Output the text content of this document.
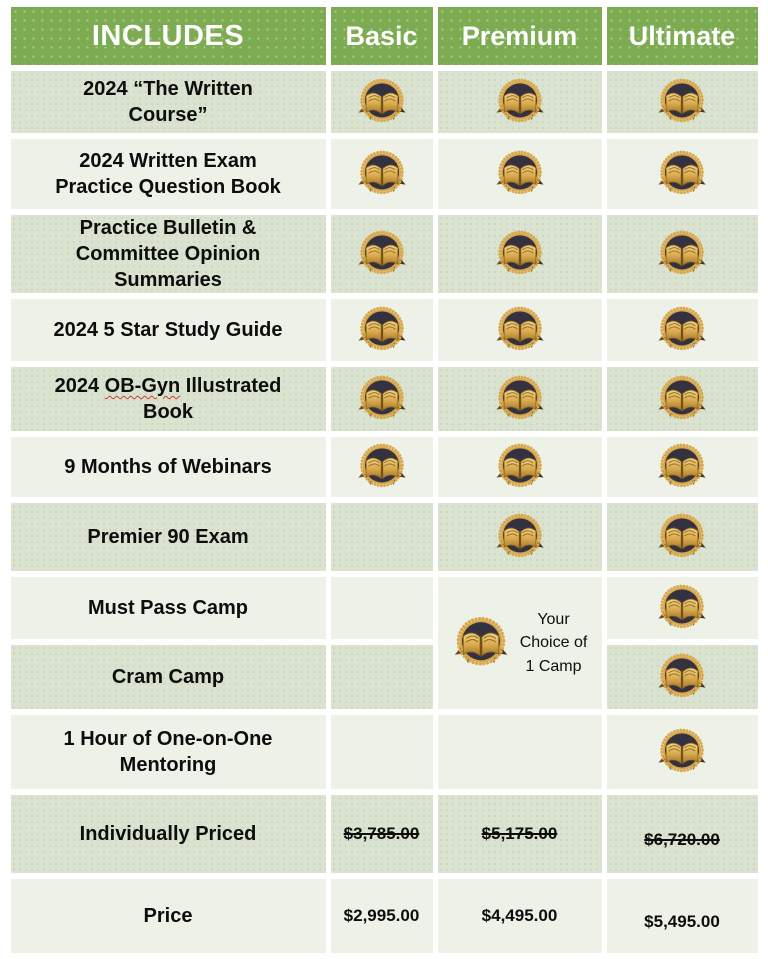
INCLUDES	Basic	Premium	Ultimate
2024 “The Written Course”			
2024 Written Exam Practice Question Book			
Practice Bulletin & Committee Opinion Summaries			
2024 5 Star Study Guide			
2024 OB-Gyn Illustrated Book			
9 Months of Webinars			
Premier 90 Exam			
Must Pass Camp		Your
Choice of
1 Camp

Cram Camp		
1 Hour of One-on-One Mentoring			
Individually Priced	$3,785.00	$5,175.00	$6,720.00
Price	$2,995.00	$4,495.00	$5,495.00
